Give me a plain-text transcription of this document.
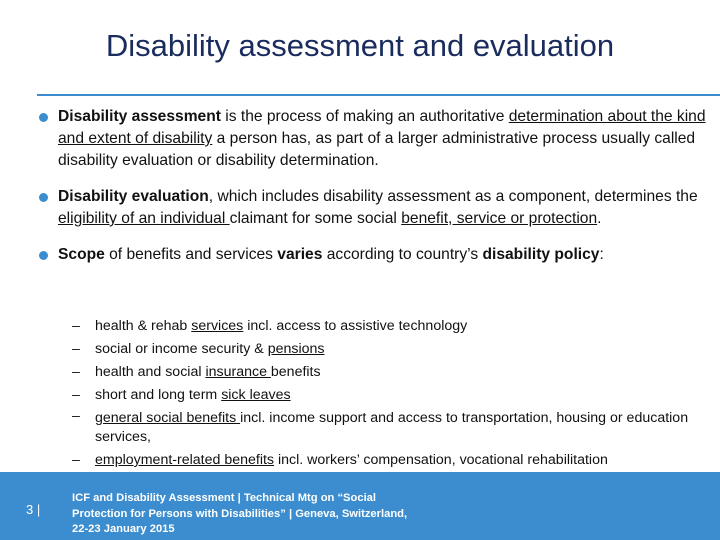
Disability assessment and evaluation
Disability assessment is the process of making an authoritative determination about the kind and extent of disability a person has, as part of a larger administrative process usually called disability evaluation or disability determination.
Disability evaluation, which includes disability assessment as a component, determines the eligibility of an individual claimant for some social benefit, service or protection.
Scope of benefits and services varies according to country’s disability policy:
– health & rehab services incl. access to assistive technology
– social or income security & pensions
– health and social insurance benefits
– short and long term sick leaves
– general social benefits incl. income support and access to transportation, housing or education services,
– employment-related benefits incl. workers’ compensation, vocational rehabilitation
3 |
ICF and Disability Assessment | Technical Mtg on “Social Protection for Persons with Disabilities” | Geneva, Switzerland, 22-23 January 2015
